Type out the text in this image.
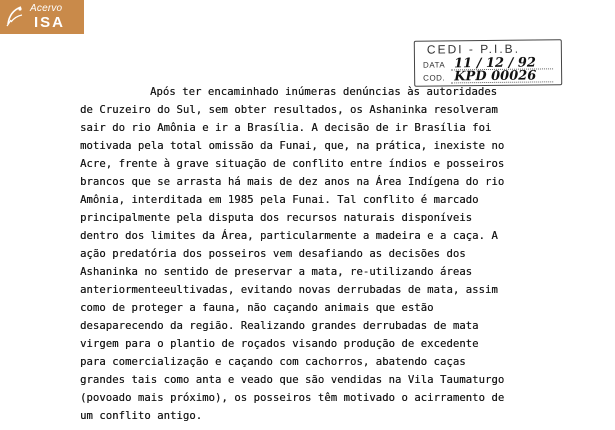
Acervo
ISA
CEDI - P.I.B.
DATA 11 / 12 / 92
COD. KPD 00026
Após ter encaminhado inúmeras denúncias às autoridades
de Cruzeiro do Sul, sem obter resultados, os Ashaninka resolveram
sair do rio Amônia e ir a Brasília. A decisão de ir Brasília foi
motivada pela total omissão da Funai, que, na prática, inexiste no
Acre, frente à grave situação de conflito entre índios e posseiros
brancos que se arrasta há mais de dez anos na Área Indígena do rio
Amônia, interditada em 1985 pela Funai. Tal conflito é marcado
principalmente pela disputa dos recursos naturais disponíveis
dentro dos limites da Área, particularmente a madeira e a caça. A
ação predatória dos posseiros vem desafiando as decisões dos
Ashaninka no sentido de preservar a mata, re-utilizando áreas
anteriormenteeultivadas, evitando novas derrubadas de mata, assim
como de proteger a fauna, não caçando animais que estão
desaparecendo da região. Realizando grandes derrubadas de mata
virgem para o plantio de roçados visando produção de excedente
para comercialização e caçando com cachorros, abatendo caças
grandes tais como anta e veado que são vendidas na Vila Taumaturgo
(povoado mais próximo), os posseiros têm motivado o acirramento de
um conflito antigo.
